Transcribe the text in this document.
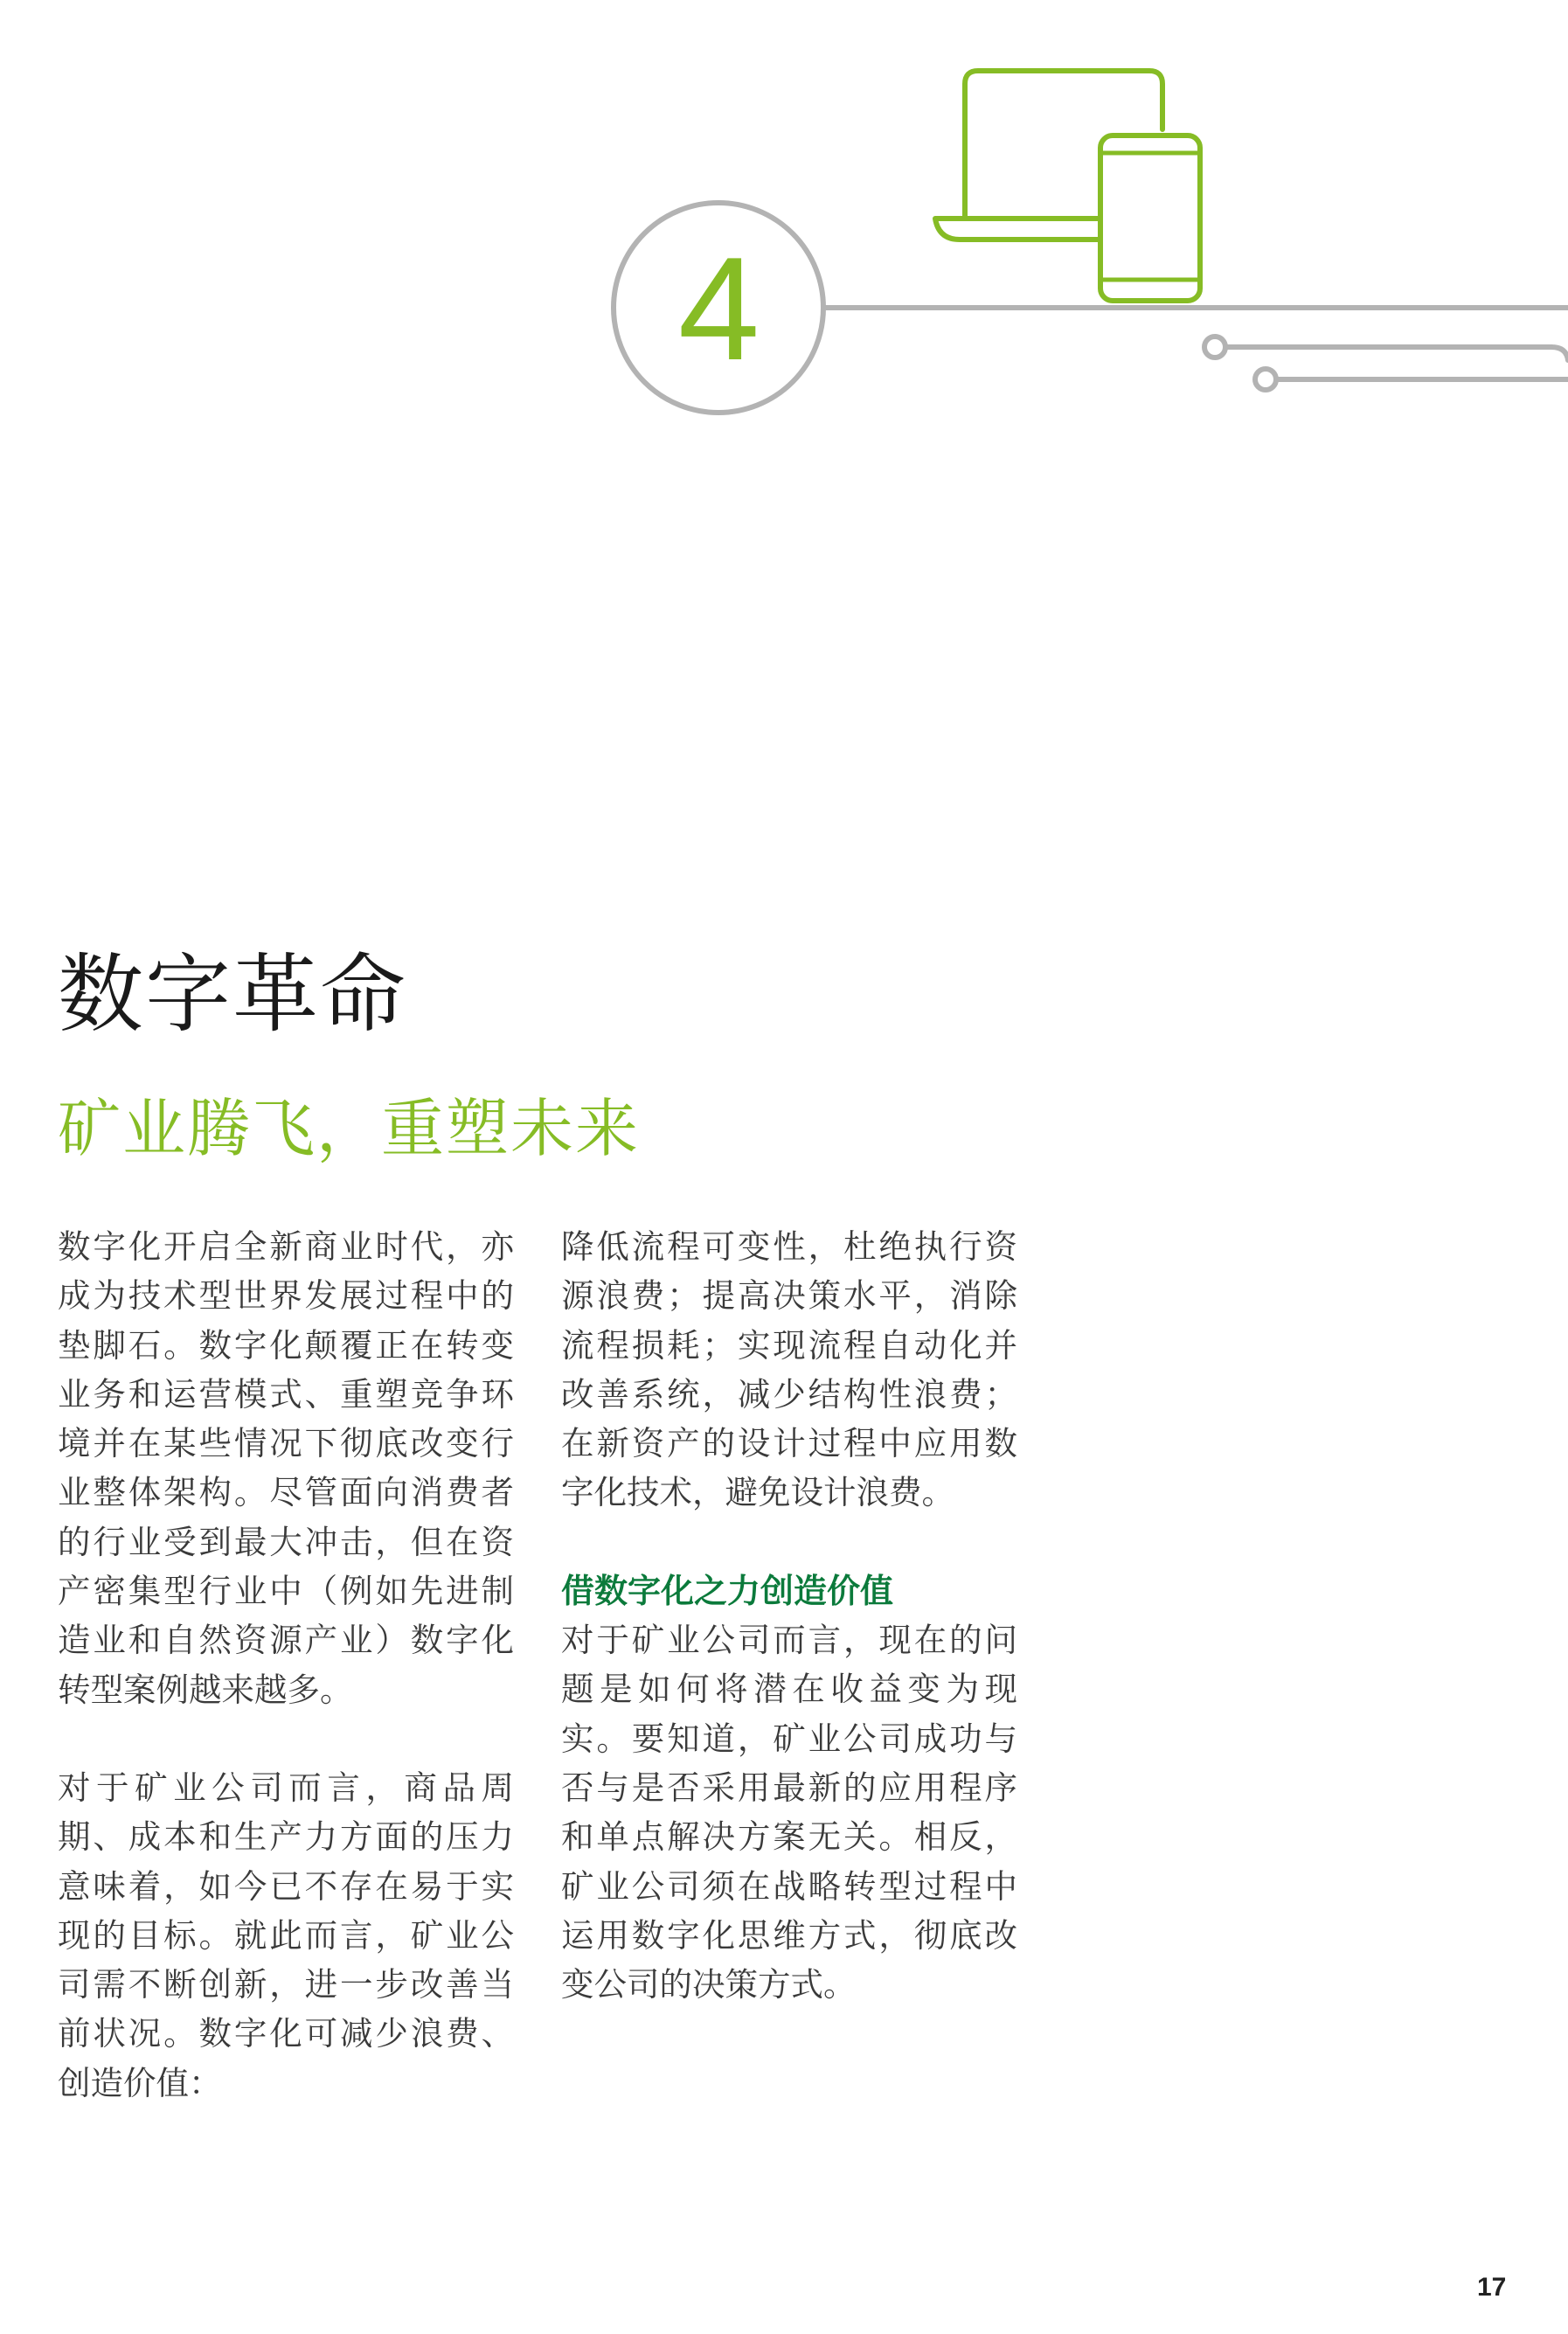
4
数字革命
矿业腾飞，重塑未来

数字化开启全新商业时代，亦成为技术型世界发展过程中的垫脚石。数字化颠覆正在转变业务和运营模式、重塑竞争环境并在某些情况下彻底改变行业整体架构。尽管面向消费者的行业受到最大冲击，但在资产密集型行业中（例如先进制造业和自然资源产业）数字化转型案例越来越多。

对于矿业公司而言，商品周期、成本和生产力方面的压力意味着，如今已不存在易于实现的目标。就此而言，矿业公司需不断创新，进一步改善当前状况。数字化可减少浪费、创造价值：

降低流程可变性，杜绝执行资源浪费；提高决策水平，消除流程损耗；实现流程自动化并改善系统，减少结构性浪费；在新资产的设计过程中应用数字化技术，避免设计浪费。

借数字化之力创造价值

对于矿业公司而言，现在的问题是如何将潜在收益变为现实。要知道，矿业公司成功与否与是否采用最新的应用程序和单点解决方案无关。相反，矿业公司须在战略转型过程中运用数字化思维方式，彻底改变公司的决策方式。

17
